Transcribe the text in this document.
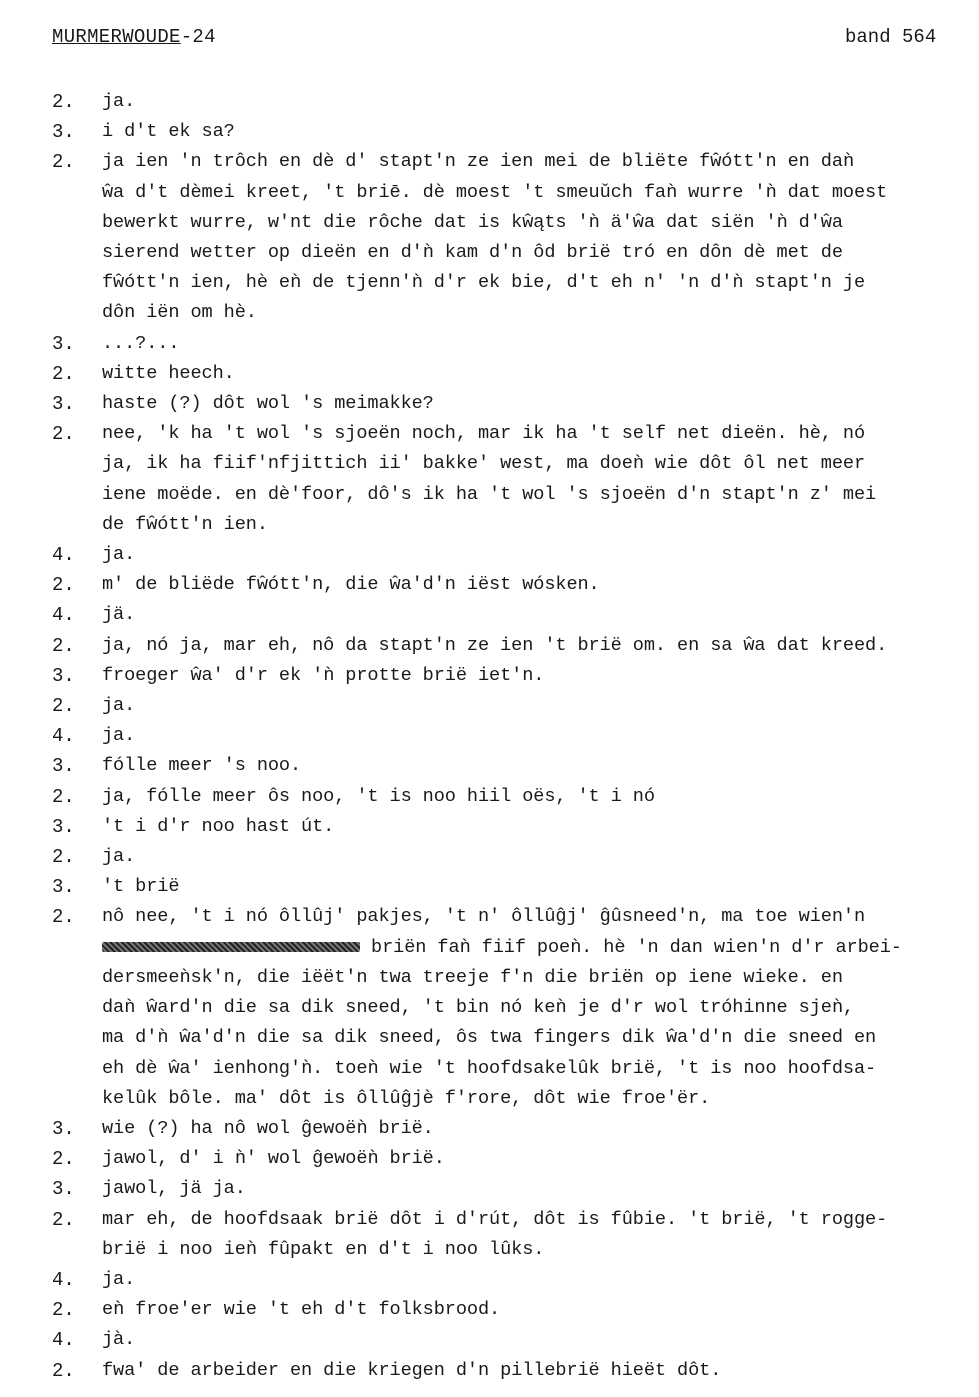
MURMERWOUDE-24	band 564
2. ja.
3. i d't ek sa?
2. ja ien 'n trôch en dè d' stapt'n ze ien mei de bliëte fŵótt'n en daǹ
ŵa d't dèmei kreet, 't briē. dè moest 't smeuǔch faǹ wurre 'ǹ dat moest
bewerkt wurre, w'nt die rôche dat is kŵąts 'ǹ ä'ŵa dat siën 'ǹ d'ŵa
sierend wetter op dieën en d'ǹ kam d'n ôd brië tró en dôn dè met de
fŵótt'n ien, hè eǹ de tjenn'ǹ d'r ek bie, d't eh n' 'n d'ǹ stapt'n je
dôn iën om hè.
3. ...?...
2. witte heech.
3. haste (?) dôt wol 's meimakke?
2. nee, 'k ha 't wol 's sjoeën noch, mar ik ha 't self net dieën. hè, nó
ja, ik ha fiif'nfjittich ii' bakke' west, ma doeǹ wie dôt ôl net meer
iene moëde. en dè'foor, dô's ik ha 't wol 's sjoeën d'n stapt'n z' mei
de fŵótt'n ien.
4. ja.
2. m' de bliëde fŵótt'n, die ŵa'd'n iëst wósken.
4. jä.
2. ja, nó ja, mar eh, nô da stapt'n ze ien 't brië om. en sa ŵa dat kreed.
3. froeger ŵa' d'r ek 'ǹ protte brië iet'n.
2. ja.
4. ja.
3. fólle meer 's noo.
2. ja, fólle meer ôs noo, 't is noo hiil oës, 't i nó
3. 't i d'r noo hast út.
2. ja.
3. 't brië
2. nô nee, 't i nó ôllûj' pakjes, 't n' ôllûĝj' ĝûsneed'n, ma toe wien'n
briën faǹ fiif poeǹ. hè 'n dan wien'n d'r arbei-
dersmeeǹsk'n, die iëët'n twa treeje f'n die briën op iene wieke. en
daǹ ŵard'n die sa dik sneed, 't bin nó keǹ je d'r wol tróhinne sjeǹ,
ma d'ǹ ŵa'd'n die sa dik sneed, ôs twa fingers dik ŵa'd'n die sneed en
eh dè ŵa' ienhong'ǹ. toeǹ wie 't hoofdsakelûk brië, 't is noo hoofdsa-
kelûk bôle. ma' dôt is ôllûĝjè f'rore, dôt wie froe'ër.
3. wie (?) ha nô wol ĝewoëǹ brië.
2. jawol, d' i ǹ' wol ĝewoëǹ brië.
3. jawol, jä ja.
2. mar eh, de hoofdsaak brië dôt i d'rút, dôt is fûbie. 't brië, 't rogge-
brië i noo ieǹ fûpakt en d't i noo lûks.
4. ja.
2. eǹ froe'er wie 't eh d't folksbrood.
4. jà.
2. fwa' de arbeider en die kriegen d'n pillebrië hieët dôt.
